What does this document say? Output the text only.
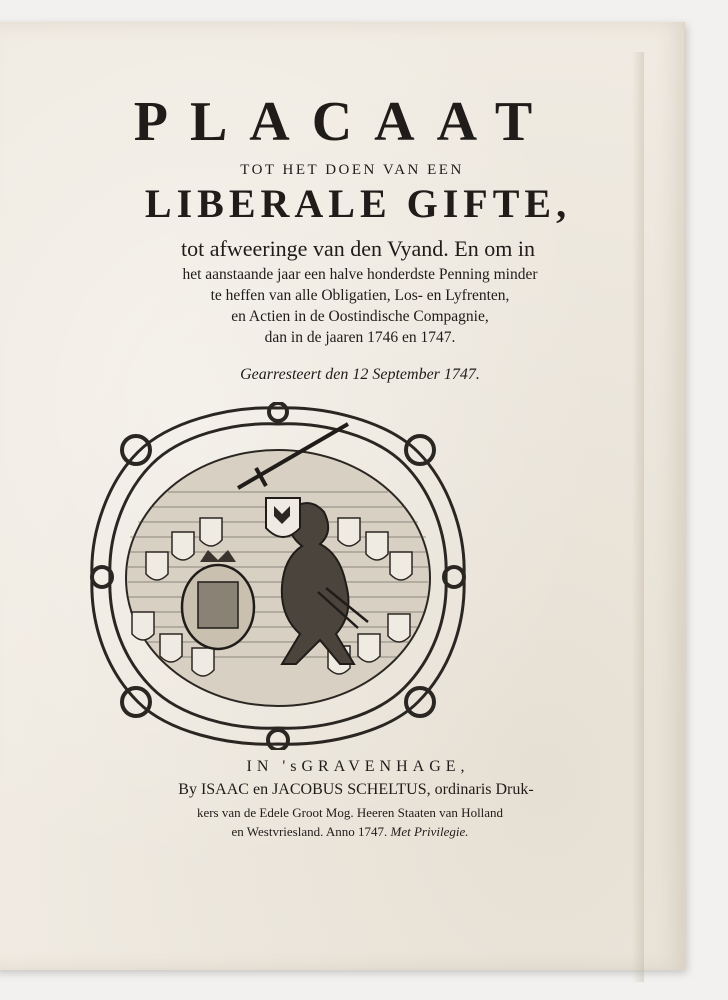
PLACAAT
TOT HET DOEN VAN EEN
LIBERALE GIFTE,
tot afweeringe van den Vyand. En om in
het aanstaande jaar een halve honderdste Penning minder
te heffen van alle Obligatien, Los- en Lyfrenten,
en Actien in de Oostindische Compagnie,
dan in de jaaren 1746 en 1747.
Gearresteert den 12 September 1747.
IN 'sGRAVENHAGE,
By ISAAC en JACOBUS SCHELTUS, ordinaris Druk-
kers van de Edele Groot Mog. Heeren Staaten van Holland
en Westvriesland. Anno 1747. Met Privilegie.
